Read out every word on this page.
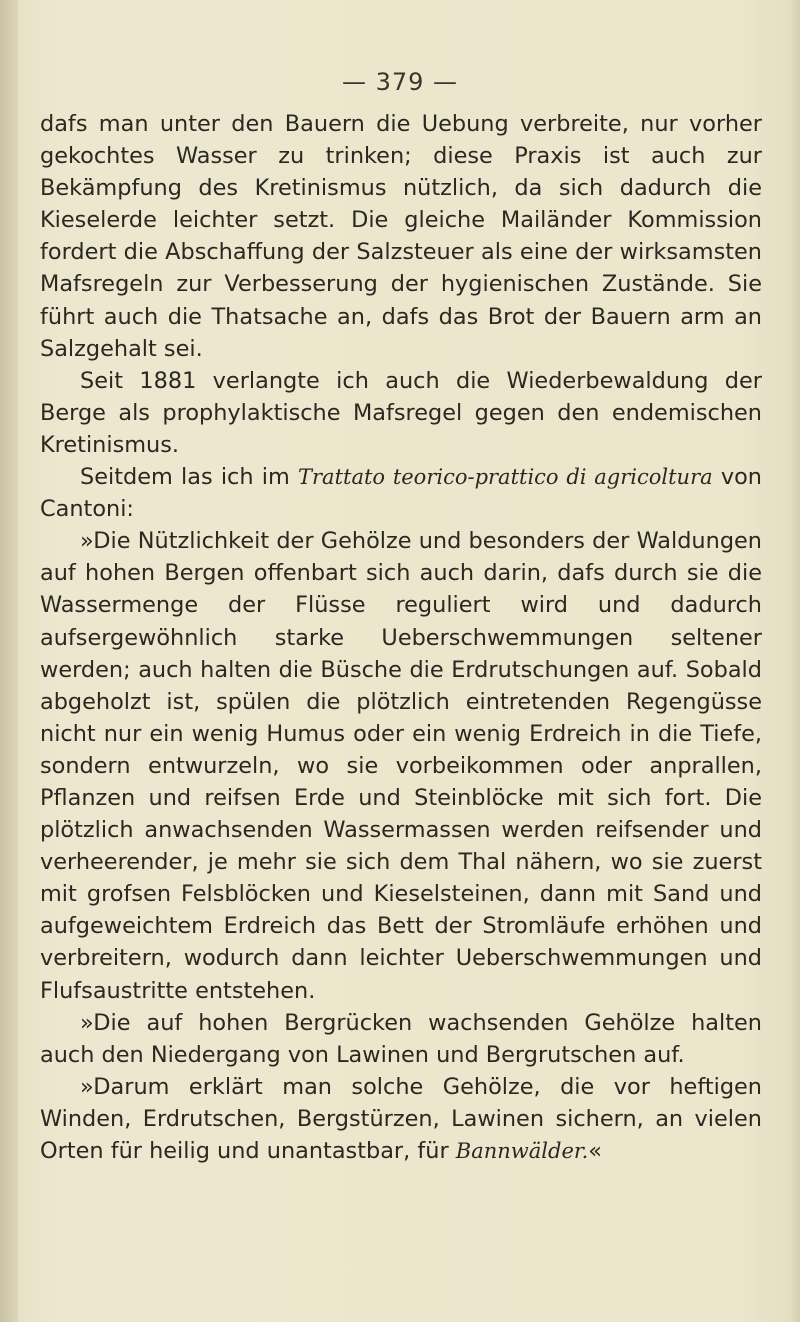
— 379 —

dafs man unter den Bauern die Uebung verbreite, nur vorher gekochtes Wasser zu trinken; diese Praxis ist auch zur Bekämpfung des Kretinismus nützlich, da sich dadurch die Kieselerde leichter setzt. Die gleiche Mailänder Kommission fordert die Abschaffung der Salzsteuer als eine der wirksamsten Mafsregeln zur Verbesserung der hygienischen Zustände. Sie führt auch die Thatsache an, dafs das Brot der Bauern arm an Salzgehalt sei.

Seit 1881 verlangte ich auch die Wiederbewaldung der Berge als prophylaktische Mafsregel gegen den endemischen Kretinismus.

Seitdem las ich im Trattato teorico-prattico di agricoltura von Cantoni:

»Die Nützlichkeit der Gehölze und besonders der Waldungen auf hohen Bergen offenbart sich auch darin, dafs durch sie die Wassermenge der Flüsse reguliert wird und dadurch aufsergewöhnlich starke Ueberschwemmungen seltener werden; auch halten die Büsche die Erdrutschungen auf. Sobald abgeholzt ist, spülen die plötzlich eintretenden Regengüsse nicht nur ein wenig Humus oder ein wenig Erdreich in die Tiefe, sondern entwurzeln, wo sie vorbeikommen oder anprallen, Pflanzen und reifsen Erde und Steinblöcke mit sich fort. Die plötzlich anwachsenden Wassermassen werden reifsender und verheerender, je mehr sie sich dem Thal nähern, wo sie zuerst mit grofsen Felsblöcken und Kieselsteinen, dann mit Sand und aufgeweichtem Erdreich das Bett der Stromläufe erhöhen und verbreitern, wodurch dann leichter Ueberschwemmungen und Flufsaustritte entstehen.

»Die auf hohen Bergrücken wachsenden Gehölze halten auch den Niedergang von Lawinen und Bergrutschen auf.

»Darum erklärt man solche Gehölze, die vor heftigen Winden, Erdrutschen, Bergstürzen, Lawinen sichern, an vielen Orten für heilig und unantastbar, für Bannwälder.«
